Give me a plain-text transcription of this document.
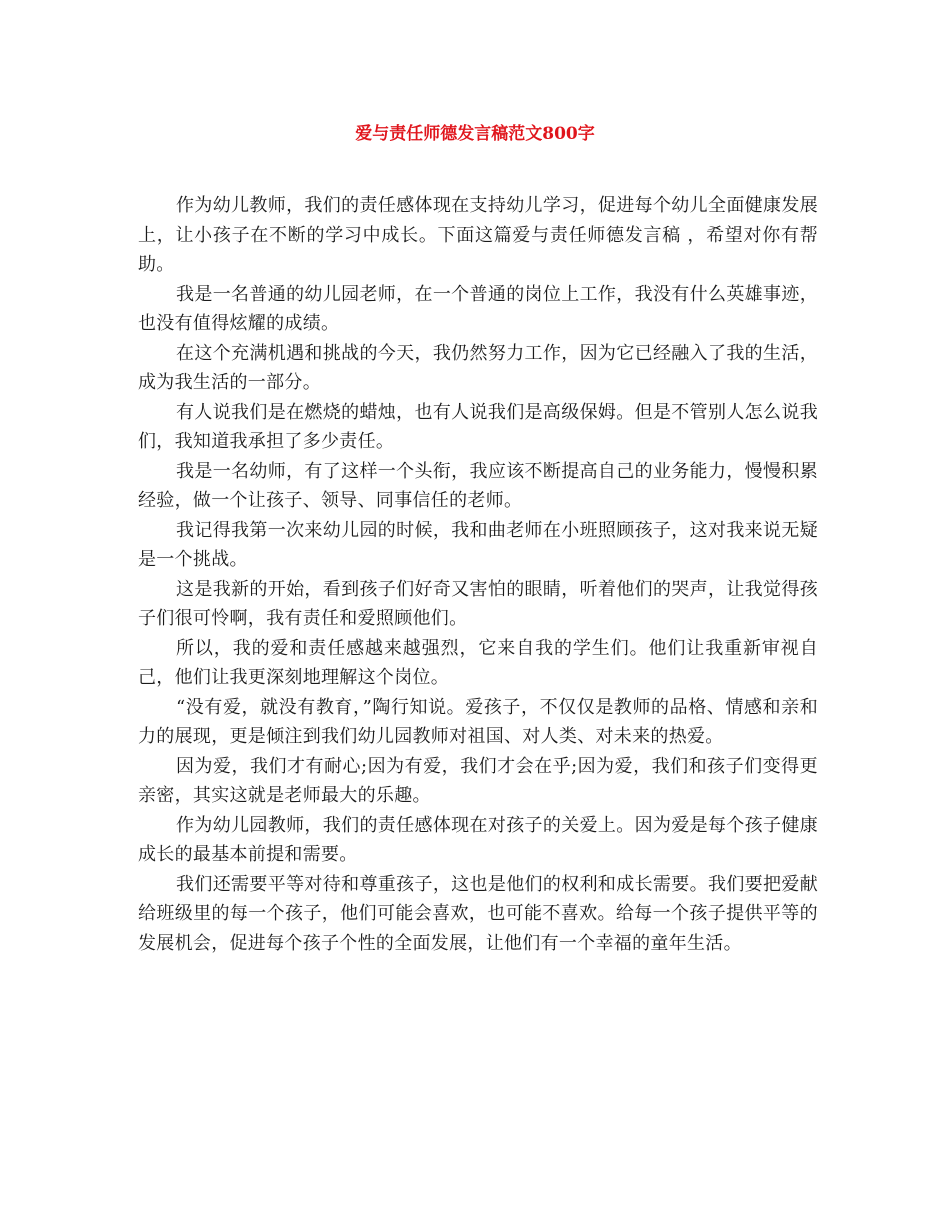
爱与责任师德发言稿范文800字

作为幼儿教师，我们的责任感体现在支持幼儿学习，促进每个幼儿全面健康发展上，让小孩子在不断的学习中成长。下面这篇爱与责任师德发言稿 ，希望对你有帮助。

我是一名普通的幼儿园老师，在一个普通的岗位上工作，我没有什么英雄事迹，也没有值得炫耀的成绩。

在这个充满机遇和挑战的今天，我仍然努力工作，因为它已经融入了我的生活，成为我生活的一部分。

有人说我们是在燃烧的蜡烛，也有人说我们是高级保姆。但是不管别人怎么说我们，我知道我承担了多少责任。

我是一名幼师，有了这样一个头衔，我应该不断提高自己的业务能力，慢慢积累经验，做一个让孩子、领导、同事信任的老师。

我记得我第一次来幼儿园的时候，我和曲老师在小班照顾孩子，这对我来说无疑是一个挑战。

这是我新的开始，看到孩子们好奇又害怕的眼睛，听着他们的哭声，让我觉得孩子们很可怜啊，我有责任和爱照顾他们。

所以，我的爱和责任感越来越强烈，它来自我的学生们。他们让我重新审视自己，他们让我更深刻地理解这个岗位。

“没有爱，就没有教育，”陶行知说。爱孩子，不仅仅是教师的品格、情感和亲和力的展现，更是倾注到我们幼儿园教师对祖国、对人类、对未来的热爱。

因为爱，我们才有耐心;因为有爱，我们才会在乎;因为爱，我们和孩子们变得更亲密，其实这就是老师最大的乐趣。

作为幼儿园教师，我们的责任感体现在对孩子的关爱上。因为爱是每个孩子健康成长的最基本前提和需要。

我们还需要平等对待和尊重孩子，这也是他们的权利和成长需要。我们要把爱献给班级里的每一个孩子，他们可能会喜欢，也可能不喜欢。给每一个孩子提供平等的发展机会，促进每个孩子个性的全面发展，让他们有一个幸福的童年生活。
